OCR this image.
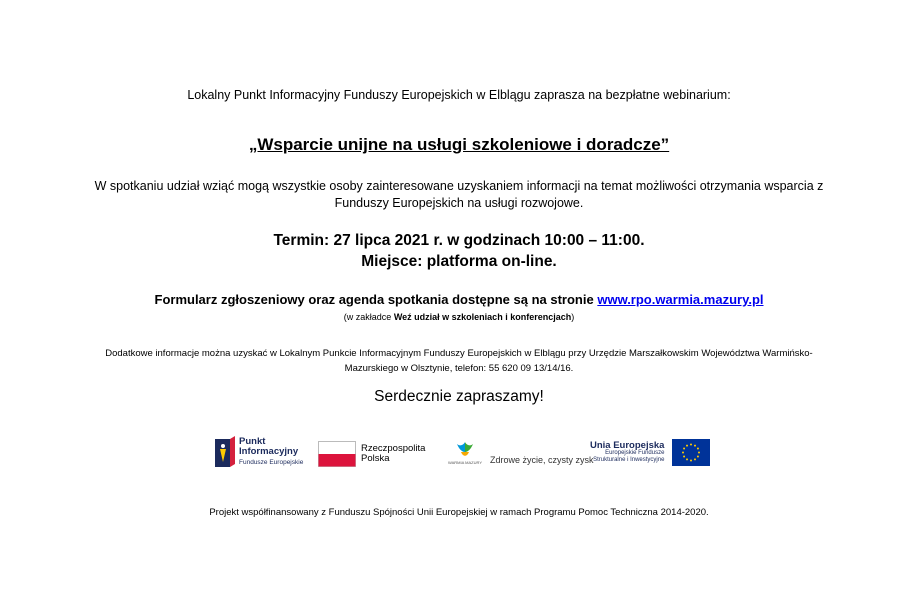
Lokalny Punkt Informacyjny Funduszy Europejskich w Elblągu zaprasza na bezpłatne webinarium:
„Wsparcie unijne na usługi szkoleniowe i doradcze”
W spotkaniu udział wziąć mogą wszystkie osoby zainteresowane uzyskaniem informacji na temat możliwości otrzymania wsparcia z
Funduszy Europejskich na usługi rozwojowe.
Termin: 27 lipca 2021 r. w godzinach 10:00 – 11:00.
Miejsce: platforma on-line.
Formularz zgłoszeniowy oraz agenda spotkania dostępne są na stronie www.rpo.warmia.mazury.pl
(w zakładce Weź udział w szkoleniach i konferencjach)
Dodatkowe informacje można uzyskać w Lokalnym Punkcie Informacyjnym Funduszy Europejskich w Elblągu przy Urzędzie Marszałkowskim Województwa Warmińsko-
Mazurskiego w Olsztynie, telefon: 55 620 09 13/14/16.
Serdecznie zapraszamy!
Punkt
Informacyjny
Fundusze Europejskie
Rzeczpospolita
Polska	WARMIA MAZURY Zdrowe życie, czysty zysk
Unia Europejska
Europejskie Fundusze
Strukturalne i Inwestycyjne
Projekt współfinansowany z Funduszu Spójności Unii Europejskiej w ramach Programu Pomoc Techniczna 2014-2020.
